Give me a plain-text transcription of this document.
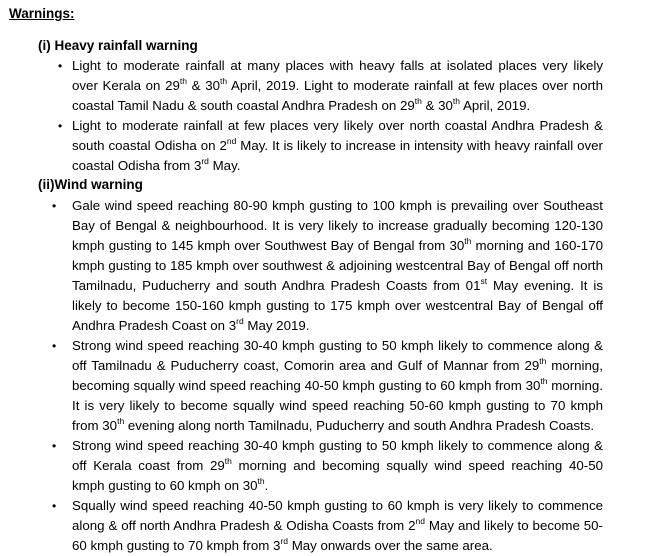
Warnings:
(i) Heavy rainfall warning
• Light to moderate rainfall at many places with heavy falls at isolated places very likely over Kerala on 29th & 30th April, 2019. Light to moderate rainfall at few places over north coastal Tamil Nadu & south coastal Andhra Pradesh on 29th & 30th April, 2019.
• Light to moderate rainfall at few places very likely over north coastal Andhra Pradesh & south coastal Odisha on 2nd May. It is likely to increase in intensity with heavy rainfall over coastal Odisha from 3rd May.
(ii)Wind warning
• Gale wind speed reaching 80-90 kmph gusting to 100 kmph is prevailing over Southeast Bay of Bengal & neighbourhood. It is very likely to increase gradually becoming 120-130 kmph gusting to 145 kmph over Southwest Bay of Bengal from 30th morning and 160-170 kmph gusting to 185 kmph over southwest & adjoining westcentral Bay of Bengal off north Tamilnadu, Puducherry and south Andhra Pradesh Coasts from 01st May evening. It is likely to become 150-160 kmph gusting to 175 kmph over westcentral Bay of Bengal off Andhra Pradesh Coast on 3rd May 2019.
• Strong wind speed reaching 30-40 kmph gusting to 50 kmph likely to commence along & off Tamilnadu & Puducherry coast, Comorin area and Gulf of Mannar from 29th morning, becoming squally wind speed reaching 40-50 kmph gusting to 60 kmph from 30th morning. It is very likely to become squally wind speed reaching 50-60 kmph gusting to 70 kmph from 30th evening along north Tamilnadu, Puducherry and south Andhra Pradesh Coasts.
• Strong wind speed reaching 30-40 kmph gusting to 50 kmph likely to commence along & off Kerala coast from 29th morning and becoming squally wind speed reaching 40-50 kmph gusting to 60 kmph on 30th.
• Squally wind speed reaching 40-50 kmph gusting to 60 kmph is very likely to commence along & off north Andhra Pradesh & Odisha Coasts from 2nd May and likely to become 50-60 kmph gusting to 70 kmph from 3rd May onwards over the same area.
